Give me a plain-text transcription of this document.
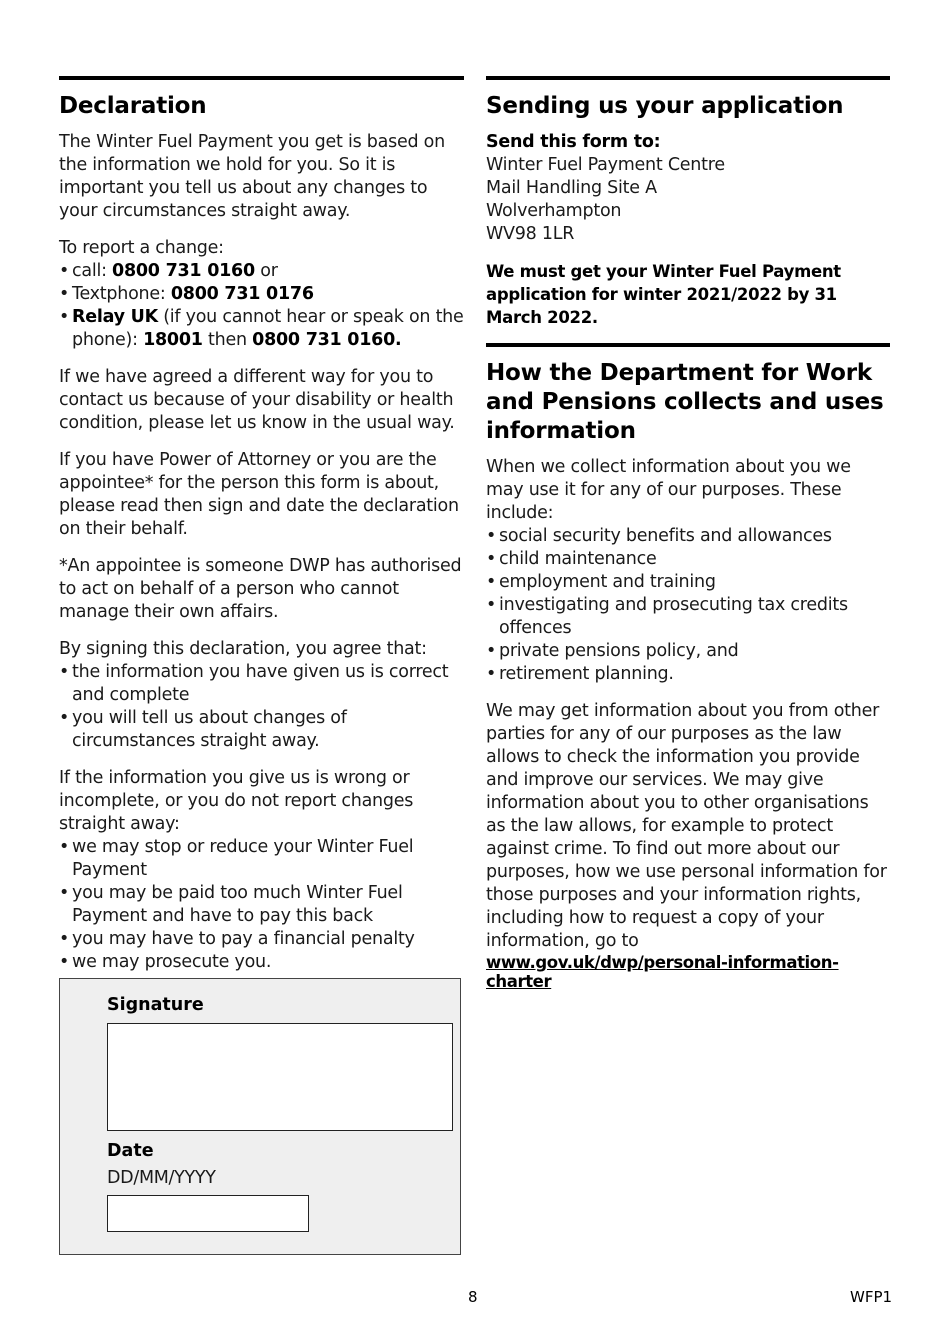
Declaration

The Winter Fuel Payment you get is based on the information we hold for you. So it is important you tell us about any changes to your circumstances straight away.

To report a change:

• call: 0800 731 0160 or
• Textphone: 0800 731 0176
• Relay UK (if you cannot hear or speak on the phone): 18001 then 0800 731 0160.

If we have agreed a different way for you to contact us because of your disability or health condition, please let us know in the usual way.

If you have Power of Attorney or you are the appointee* for the person this form is about, please read then sign and date the declaration on their behalf.

*An appointee is someone DWP has authorised to act on behalf of a person who cannot manage their own affairs.

By signing this declaration, you agree that:

• the information you have given us is correct and complete
• you will tell us about changes of circumstances straight away.

If the information you give us is wrong or incomplete, or you do not report changes straight away:

• we may stop or reduce your Winter Fuel Payment
• you may be paid too much Winter Fuel Payment and have to pay this back
• you may have to pay a financial penalty
• we may prosecute you.
Signature
Date
DD/MM/YYYY
Sending us your application

Send this form to:

Winter Fuel Payment Centre
Mail Handling Site A
Wolverhampton
WV98 1LR

We must get your Winter Fuel Payment application for winter 2021/2022 by 31 March 2022.

How the Department for Work and Pensions collects and uses information

When we collect information about you we may use it for any of our purposes. These include:

• social security benefits and allowances
• child maintenance
• employment and training
• investigating and prosecuting tax credits offences
• private pensions policy, and
• retirement planning.

We may get information about you from other parties for any of our purposes as the law allows to check the information you provide and improve our services. We may give information about you to other organisations as the law allows, for example to protect against crime. To find out more about our purposes, how we use personal information for those purposes and your information rights, including how to request a copy of your information, go to

www.gov.uk/dwp/personal-information-charter
8	WFP1
